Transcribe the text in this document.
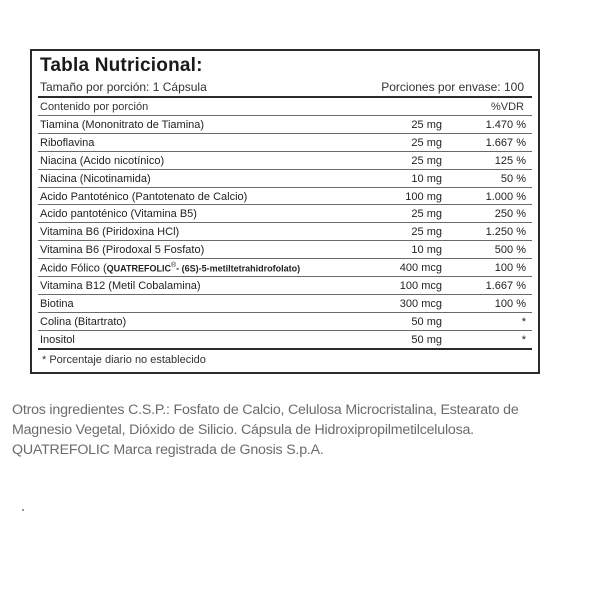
Tabla Nutricional:
Tamaño por porción: 1 Cápsula	Porciones por envase: 100
Contenido por porción	%VDR
Tiamina (Mononitrato de Tiamina)	25 mg	1.470 %
Riboflavina	25 mg	1.667 %
Niacina (Acido nicotínico)	25 mg	125 %
Niacina (Nicotinamida)	10 mg	50 %
Acido Pantoténico (Pantotenato de Calcio)	100 mg	1.000 %
Acido pantoténico (Vitamina B5)	25 mg	250 %
Vitamina B6 (Piridoxina HCl)	25 mg	1.250 %
Vitamina B6 (Pirodoxal 5 Fosfato)	10 mg	500 %
Acido Fólico (QUATREFOLIC®- (6S)-5-metiltetrahidrofolato)	400 mcg	100 %
Vitamina B12 (Metil Cobalamina)	100 mcg	1.667 %
Biotina	300 mcg	100 %
Colina (Bitartrato)	50 mg	*
Inositol	50 mg	*
* Porcentaje diario no establecido
Otros ingredientes C.S.P.: Fosfato de Calcio, Celulosa Microcristalina, Estearato de
Magnesio Vegetal, Dióxido de Silicio. Cápsula de Hidroxipropilmetilcelulosa.
QUATREFOLIC Marca registrada de Gnosis S.p.A.
